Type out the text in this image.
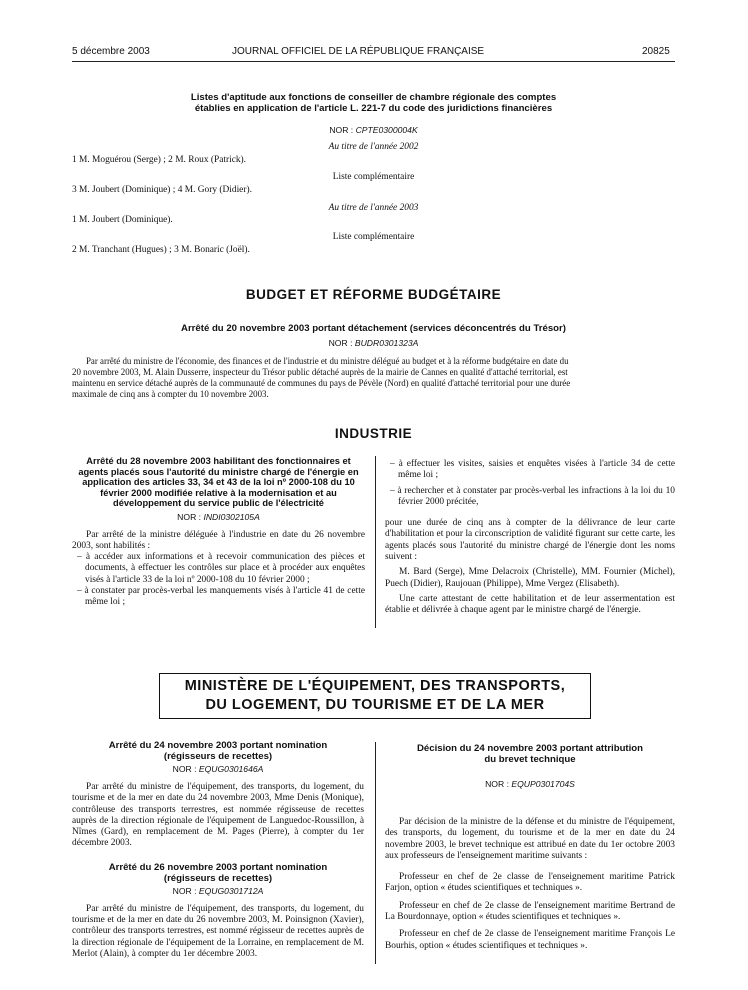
5 décembre 2003	JOURNAL OFFICIEL DE LA RÉPUBLIQUE FRANÇAISE	20825
Listes d'aptitude aux fonctions de conseiller de chambre régionale des comptes
établies en application de l'article L. 221-7 du code des juridictions financières
NOR : CPTE0300004K
Au titre de l'année 2002
1 M. Moguérou (Serge) ; 2 M. Roux (Patrick).
Liste complémentaire
3 M. Joubert (Dominique) ; 4 M. Gory (Didier).
Au titre de l'année 2003
1 M. Joubert (Dominique).
Liste complémentaire
2 M. Tranchant (Hugues) ; 3 M. Bonaric (Joël).
BUDGET ET RÉFORME BUDGÉTAIRE
Arrêté du 20 novembre 2003 portant détachement (services déconcentrés du Trésor)
NOR : BUDR0301323A
Par arrêté du ministre de l'économie, des finances et de l'industrie et du ministre délégué au budget et à la réforme budgétaire en date du
20 novembre 2003, M. Alain Dusserre, inspecteur du Trésor public détaché auprès de la mairie de Cannes en qualité d'attaché territorial, est
maintenu en service détaché auprès de la communauté de communes du pays de Pévèle (Nord) en qualité d'attaché territorial pour une durée
maximale de cinq ans à compter du 10 novembre 2003.
INDUSTRIE
Arrêté du 28 novembre 2003 habilitant des fonctionnaires et agents placés sous l'autorité du ministre chargé de l'énergie en application des articles 33, 34 et 43 de la loi nº 2000-108 du 10 février 2000 modifiée relative à la modernisation et au développement du service public de l'électricité
NOR : INDI0302105A

Par arrêté de la ministre déléguée à l'industrie en date du 26 novembre 2003, sont habilités :

– à accéder aux informations et à recevoir communication des pièces et documents, à effectuer les contrôles sur place et à procéder aux enquêtes visés à l'article 33 de la loi nº 2000-108 du 10 février 2000 ;

– à constater par procès-verbal les manquements visés à l'article 41 de cette même loi ;

– à effectuer les visites, saisies et enquêtes visées à l'article 34 de cette même loi ;

– à rechercher et à constater par procès-verbal les infractions à la loi du 10 février 2000 précitée,

pour une durée de cinq ans à compter de la délivrance de leur carte d'habilitation et pour la circonscription de validité figurant sur cette carte, les agents placés sous l'autorité du ministre chargé de l'énergie dont les noms suivent :

M. Bard (Serge), Mme Delacroix (Christelle), MM. Fournier (Michel), Puech (Didier), Raujouan (Philippe), Mme Vergez (Elisabeth).

Une carte attestant de cette habilitation et de leur assermentation est établie et délivrée à chaque agent par le ministre chargé de l'énergie.

MINISTÈRE DE L'ÉQUIPEMENT, DES TRANSPORTS,
DU LOGEMENT, DU TOURISME ET DE LA MER
Arrêté du 24 novembre 2003 portant nomination
(régisseurs de recettes)
NOR : EQUG0301646A

Par arrêté du ministre de l'équipement, des transports, du logement, du tourisme et de la mer en date du 24 novembre 2003, Mme Denis (Monique), contrôleuse des transports terrestres, est nommée régisseuse de recettes auprès de la direction régionale de l'équipement de Languedoc-Roussillon, à Nîmes (Gard), en remplacement de M. Pages (Pierre), à compter du 1er décembre 2003.

Arrêté du 26 novembre 2003 portant nomination
(régisseurs de recettes)
NOR : EQUG0301712A

Par arrêté du ministre de l'équipement, des transports, du logement, du tourisme et de la mer en date du 26 novembre 2003, M. Poinsignon (Xavier), contrôleur des transports terrestres, est nommé régisseur de recettes auprès de la direction régionale de l'équipement de la Lorraine, en remplacement de M. Merlot (Alain), à compter du 1er décembre 2003.

Décision du 24 novembre 2003 portant attribution
du brevet technique
NOR : EQUP0301704S

Par décision de la ministre de la défense et du ministre de l'équipement, des transports, du logement, du tourisme et de la mer en date du 24 novembre 2003, le brevet technique est attribué en date du 1er octobre 2003 aux professeurs de l'enseignement maritime suivants :

Professeur en chef de 2e classe de l'enseignement maritime Patrick Farjon, option « études scientifiques et techniques ».

Professeur en chef de 2e classe de l'enseignement maritime Bertrand de La Bourdonnaye, option « études scientifiques et techniques ».

Professeur en chef de 2e classe de l'enseignement maritime François Le Bourhis, option « études scientifiques et techniques ».
